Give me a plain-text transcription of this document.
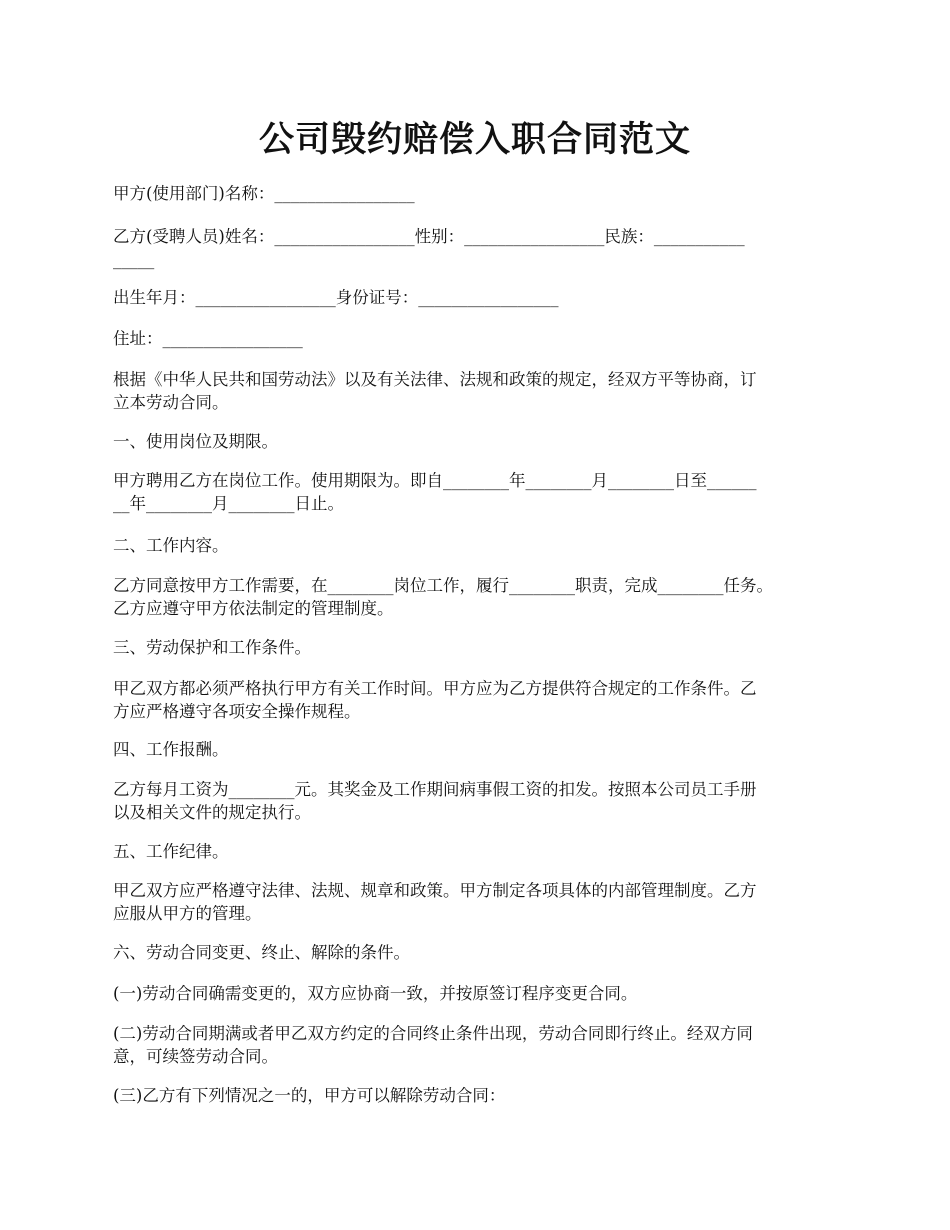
公司毁约赔偿入职合同范文

甲方(使用部门)名称：_________________

乙方(受聘人员)姓名：_________________性别：_________________民族：___________

_____

出生年月：_________________身份证号：_________________

住址：_________________

根据《中华人民共和国劳动法》以及有关法律、法规和政策的规定，经双方平等协商，订

立本劳动合同。

一、使用岗位及期限。

甲方聘用乙方在岗位工作。使用期限为。即自________年________月________日至______

__年________月________日止。

二、工作内容。

乙方同意按甲方工作需要，在________岗位工作，履行________职责，完成________任务。

乙方应遵守甲方依法制定的管理制度。

三、劳动保护和工作条件。

甲乙双方都必须严格执行甲方有关工作时间。甲方应为乙方提供符合规定的工作条件。乙

方应严格遵守各项安全操作规程。

四、工作报酬。

乙方每月工资为________元。其奖金及工作期间病事假工资的扣发。按照本公司员工手册

以及相关文件的规定执行。

五、工作纪律。

甲乙双方应严格遵守法律、法规、规章和政策。甲方制定各项具体的内部管理制度。乙方

应服从甲方的管理。

六、劳动合同变更、终止、解除的条件。

(一)劳动合同确需变更的，双方应协商一致，并按原签订程序变更合同。

(二)劳动合同期满或者甲乙双方约定的合同终止条件出现，劳动合同即行终止。经双方同

意，可续签劳动合同。

(三)乙方有下列情况之一的，甲方可以解除劳动合同：
